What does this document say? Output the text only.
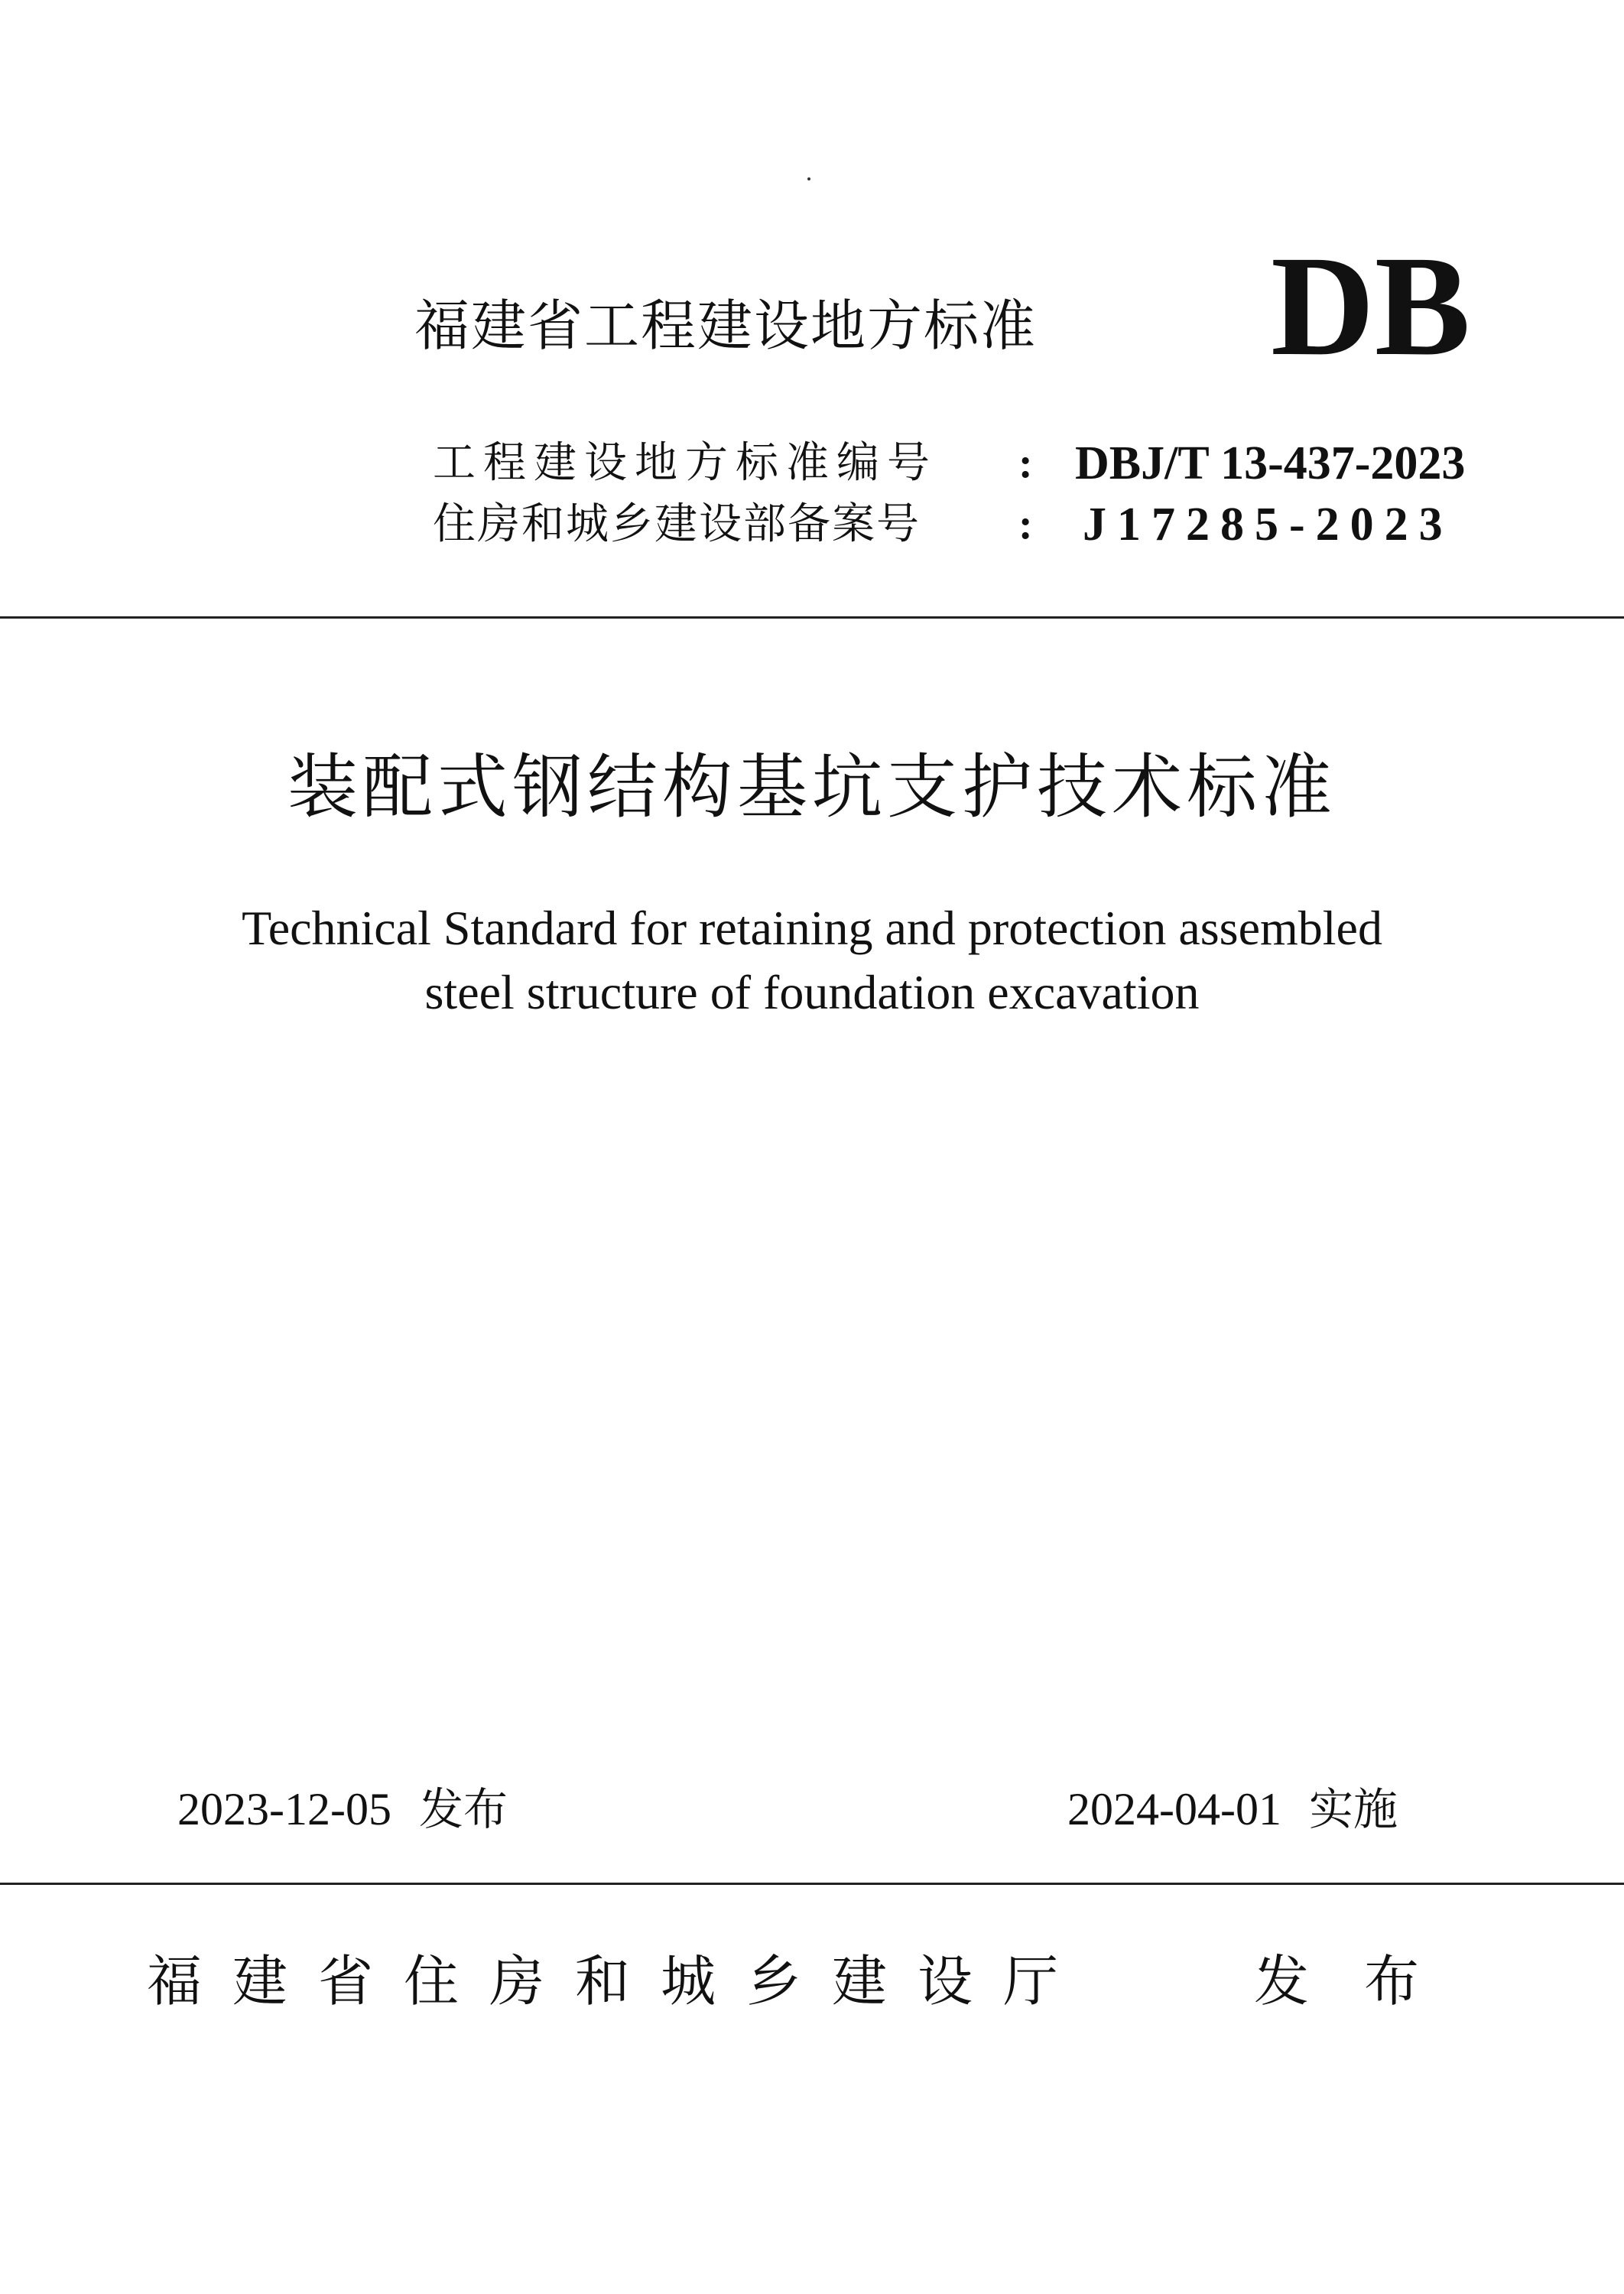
福建省工程建设地方标准 DB
工程建设地方标准编号 : DBJ/T 13-437-2023
住房和城乡建设部备案号 : J17285-2023
装配式钢结构基坑支护技术标准
Technical Standard for retaining and protection assembled
steel structure of foundation excavation
2023-12-05 发布	2024-04-01 实施
福建省住房和城乡建设厅	发布
